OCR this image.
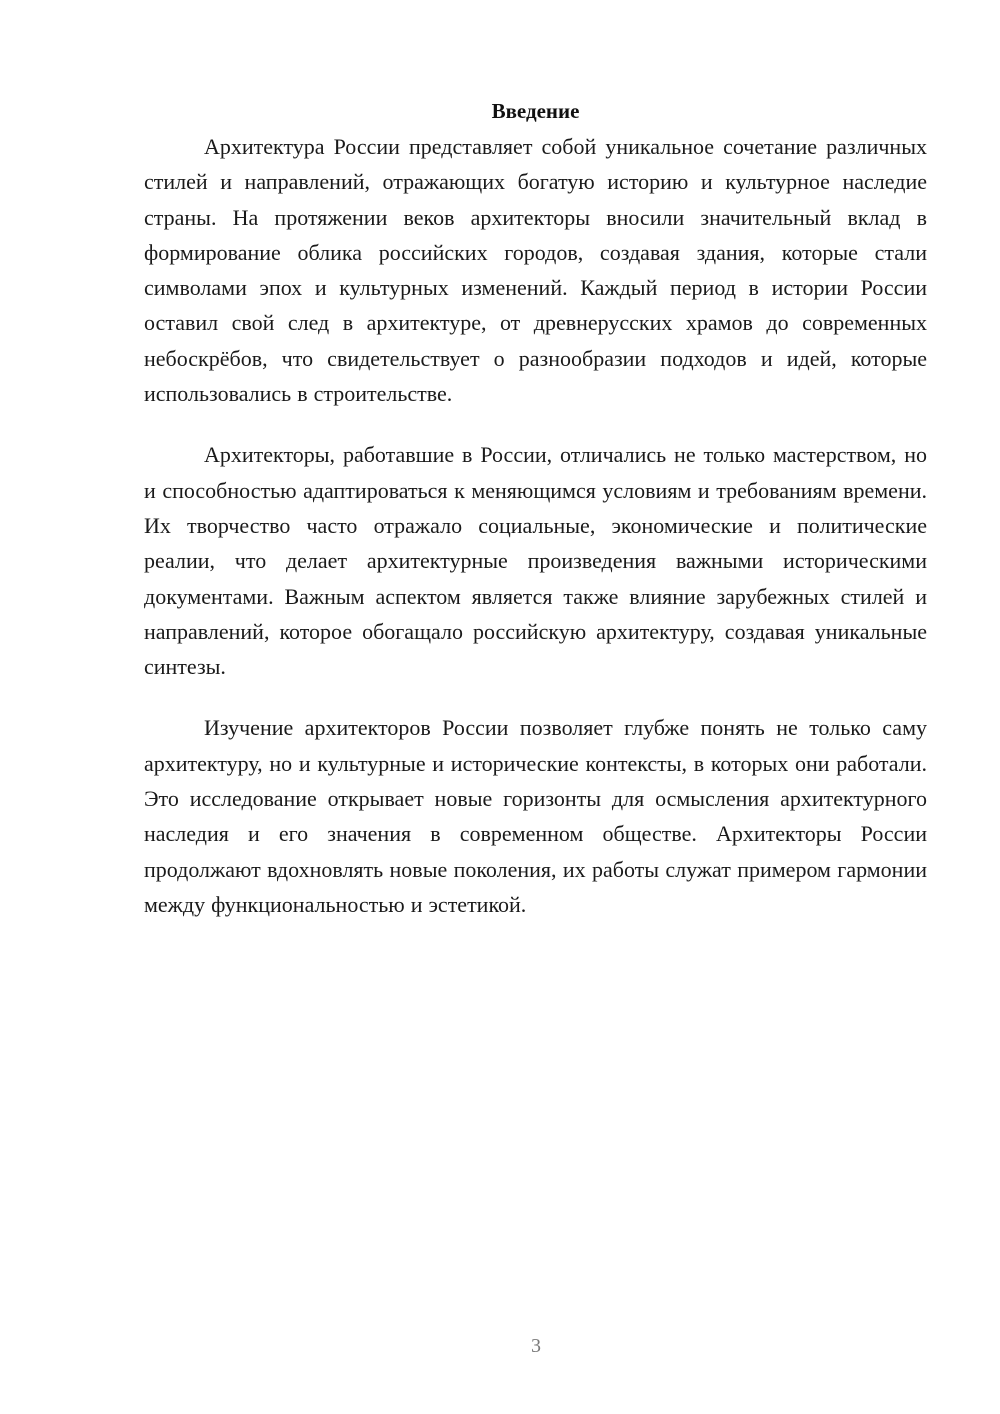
Введение

Архитектура России представляет собой уникальное сочетание различных стилей и направлений, отражающих богатую историю и культурное наследие страны. На протяжении веков архитекторы вносили значительный вклад в формирование облика российских городов, создавая здания, которые стали символами эпох и культурных изменений. Каждый период в истории России оставил свой след в архитектуре, от древнерусских храмов до современных небоскрёбов, что свидетельствует о разнообразии подходов и идей, которые использовались в строительстве.

Архитекторы, работавшие в России, отличались не только мастерством, но и способностью адаптироваться к меняющимся условиям и требованиям времени. Их творчество часто отражало социальные, экономические и политические реалии, что делает архитектурные произведения важными историческими документами. Важным аспектом является также влияние зарубежных стилей и направлений, которое обогащало российскую архитектуру, создавая уникальные синтезы.

Изучение архитекторов России позволяет глубже понять не только саму архитектуру, но и культурные и исторические контексты, в которых они работали. Это исследование открывает новые горизонты для осмысления архитектурного наследия и его значения в современном обществе. Архитекторы России продолжают вдохновлять новые поколения, их работы служат примером гармонии между функциональностью и эстетикой.

3
